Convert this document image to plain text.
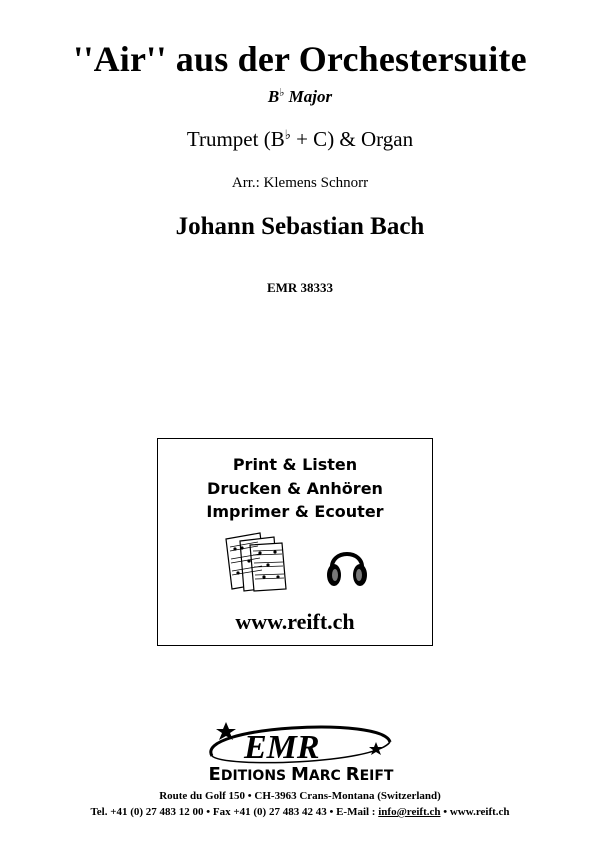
''Air'' aus der Orchestersuite
B♭ Major
Trumpet (B♭ + C) & Organ
Arr.: Klemens Schnorr
Johann Sebastian Bach
EMR 38333
Print & Listen
Drucken & Anhören
Imprimer & Ecouter
www.reift.ch
EMR
EDITIONS MARC REIFT
Route du Golf 150 • CH-3963 Crans-Montana (Switzerland)
Tel. +41 (0) 27 483 12 00 • Fax +41 (0) 27 483 42 43 • E-Mail : info@reift.ch • www.reift.ch
